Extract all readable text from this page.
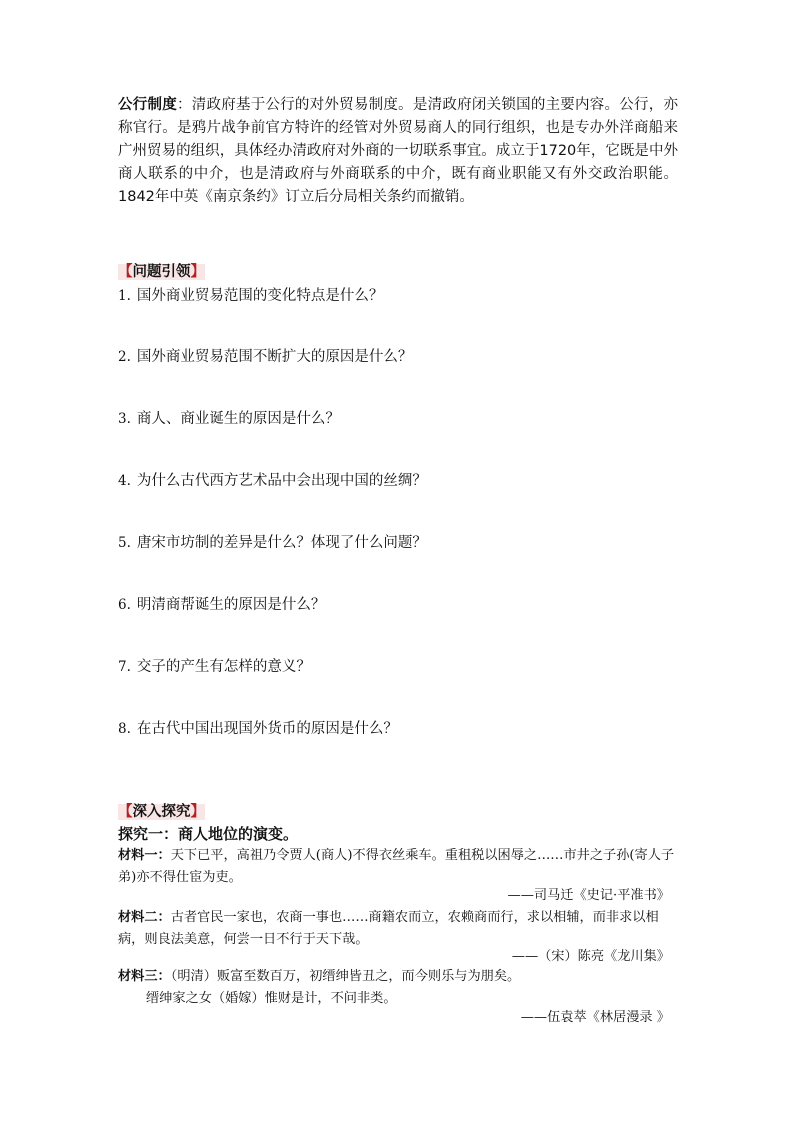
公行制度：清政府基于公行的对外贸易制度。是清政府闭关锁国的主要内容。公行，亦称官行。是鸦片战争前官方特许的经管对外贸易商人的同行组织，也是专办外洋商船来广州贸易的组织，具体经办清政府对外商的一切联系事宜。成立于1720年，它既是中外商人联系的中介，也是清政府与外商联系的中介，既有商业职能又有外交政治职能。1842年中英《南京条约》订立后分局相关条约而撤销。
【问题引领】
1. 国外商业贸易范围的变化特点是什么？
2. 国外商业贸易范围不断扩大的原因是什么？
3. 商人、商业诞生的原因是什么？
4. 为什么古代西方艺术品中会出现中国的丝绸？
5. 唐宋市坊制的差异是什么？体现了什么问题？
6. 明清商帮诞生的原因是什么？
7. 交子的产生有怎样的意义？
8. 在古代中国出现国外货币的原因是什么？
【深入探究】
探究一：商人地位的演变。
材料一：天下已平，高祖乃令贾人(商人)不得衣丝乘车。重租税以困辱之……市井之子孙(寄人子弟)亦不得仕宦为吏。
——司马迁《史记·平准书》
材料二：古者官民一家也，农商一事也……商籍农而立，农赖商而行，求以相辅，而非求以相病，则良法美意，何尝一日不行于天下哉。
——（宋）陈亮《龙川集》
材料三：（明清）贩富至数百万，初缙绅皆丑之，而今则乐与为朋矣。
缙绅家之女（婚嫁）惟财是计，不问非类。
——伍袁萃《林居漫录 》
